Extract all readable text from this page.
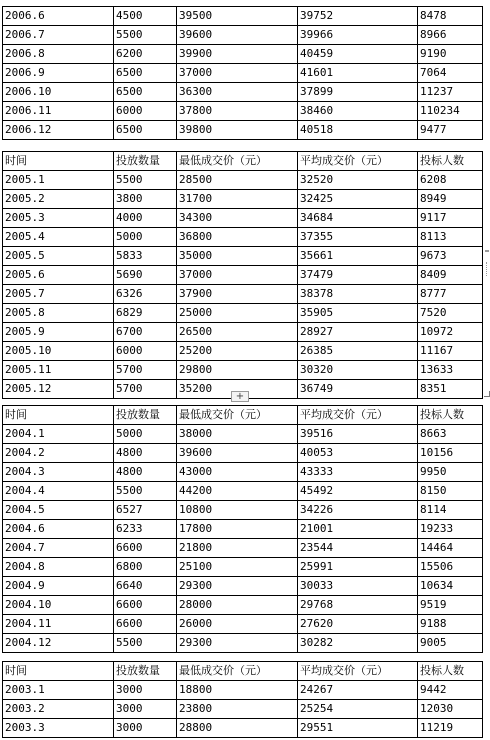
2006.6	4500	39500	39752	8478
2006.7	5500	39600	39966	8966
2006.8	6200	39900	40459	9190
2006.9	6500	37000	41601	7064
2006.10	6500	36300	37899	11237
2006.11	6000	37800	38460	110234
2006.12	6500	39800	40518	9477
时间	投放数量	最低成交价（元）	平均成交价（元）	投标人数
2005.1	5500	28500	32520	6208
2005.2	3800	31700	32425	8949
2005.3	4000	34300	34684	9117
2005.4	5000	36800	37355	8113
2005.5	5833	35000	35661	9673
2005.6	5690	37000	37479	8409
2005.7	6326	37900	38378	8777
2005.8	6829	25000	35905	7520
2005.9	6700	26500	28927	10972
2005.10	6000	25200	26385	11167
2005.11	5700	29800	30320	13633
2005.12	5700	35200	36749	8351
+
时间	投放数量	最低成交价（元）	平均成交价（元）	投标人数
2004.1	5000	38000	39516	8663
2004.2	4800	39600	40053	10156
2004.3	4800	43000	43333	9950
2004.4	5500	44200	45492	8150
2004.5	6527	10800	34226	8114
2004.6	6233	17800	21001	19233
2004.7	6600	21800	23544	14464
2004.8	6800	25100	25991	15506
2004.9	6640	29300	30033	10634
2004.10	6600	28000	29768	9519
2004.11	6600	26000	27620	9188
2004.12	5500	29300	30282	9005
时间	投放数量	最低成交价（元）	平均成交价（元）	投标人数
2003.1	3000	18800	24267	9442
2003.2	3000	23800	25254	12030
2003.3	3000	28800	29551	11219
